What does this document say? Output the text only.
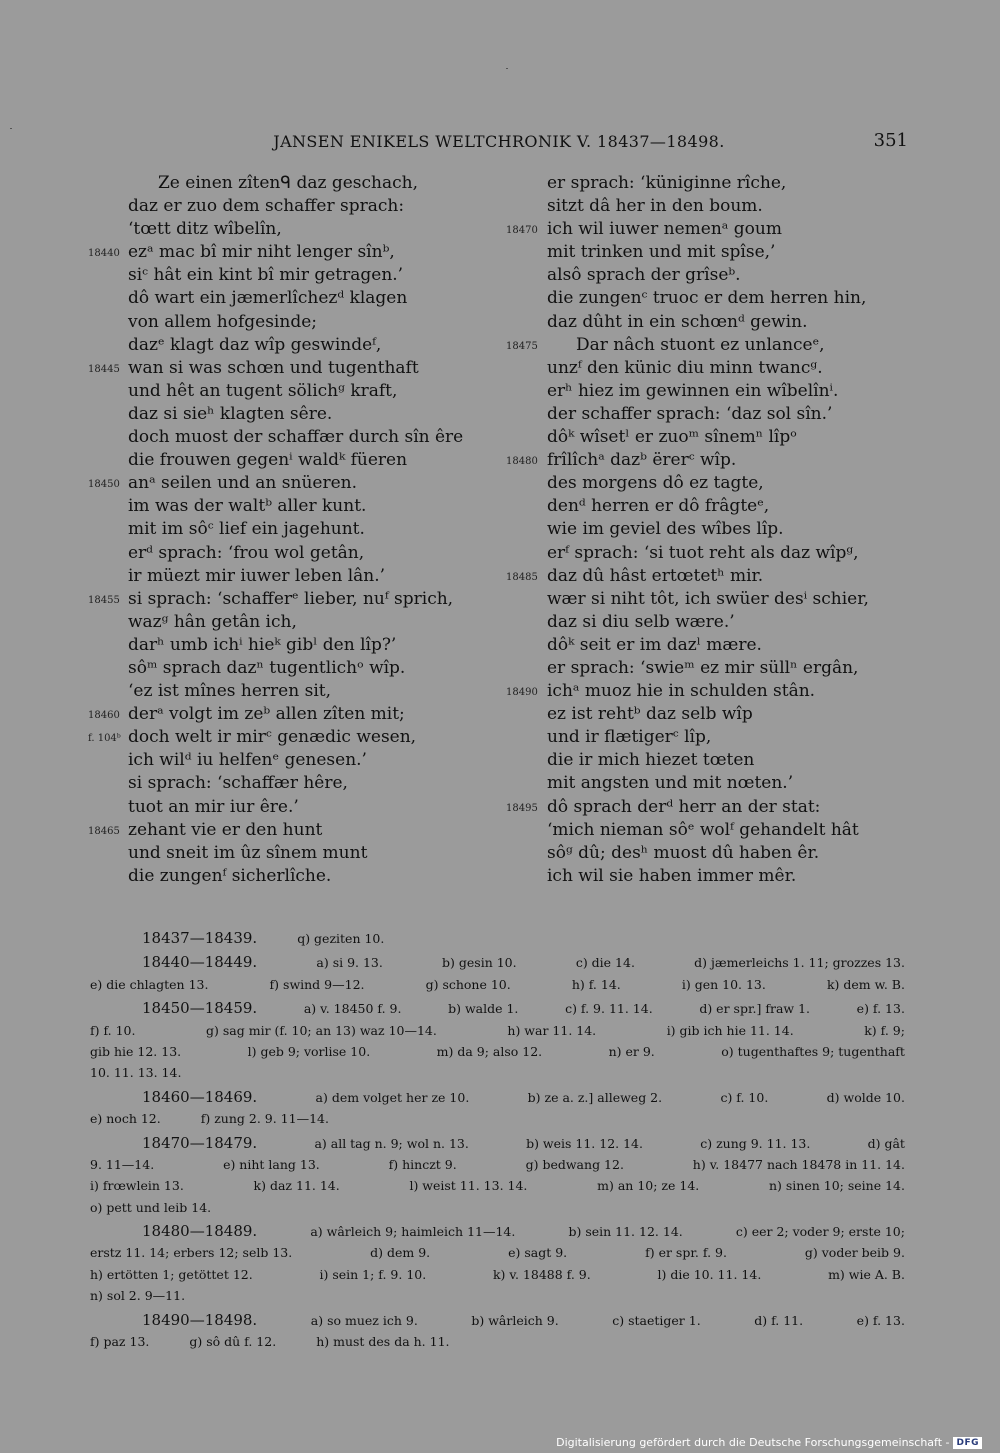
JANSEN ENIKELS WELTCHRONIK V. 18437—18498.	351
Ze einen zîtenᑫ daz geschach,
daz er zuo dem schaffer sprach:
‘tœtt ditz wîbelîn,
18440 ezᵃ mac bî mir niht lenger sînᵇ,
siᶜ hât ein kint bî mir getragen.’
dô wart ein jæmerlîchezᵈ klagen
von allem hofgesinde;
dazᵉ klagt daz wîp geswindeᶠ,
18445 wan si was schœn und tugenthaft
und hêt an tugent sölichᵍ kraft,
daz si sieʰ klagten sêre.
doch muost der schaffær durch sîn êre
die frouwen gegenⁱ waldᵏ füeren
18450 anᵃ seilen und an snüeren.
im was der waltᵇ aller kunt.
mit im sôᶜ lief ein jagehunt.
erᵈ sprach: ‘frou wol getân,
ir müezt mir iuwer leben lân.’
18455 si sprach: ‘schafferᵉ lieber, nuᶠ sprich,
wazᵍ hân getân ich,
darʰ umb ichⁱ hieᵏ gibˡ den lîp?’
sôᵐ sprach dazⁿ tugentlichᵒ wîp.
‘ez ist mînes herren sit,
18460 derᵃ volgt im zeᵇ allen zîten mit;
f. 104ᵇ doch welt ir mirᶜ genædic wesen,
ich wilᵈ iu helfenᵉ genesen.’
si sprach: ‘schaffær hêre,
tuot an mir iur êre.’
18465 zehant vie er den hunt
und sneit im ûz sînem munt
die zungenᶠ sicherlîche.
er sprach: ‘küniginne rîche,
sitzt dâ her in den boum.
18470 ich wil iuwer nemenᵃ goum
mit trinken und mit spîse,’
alsô sprach der grîseᵇ.
die zungenᶜ truoc er dem herren hin,
daz dûht in ein schœnᵈ gewin.
18475 Dar nâch stuont ez unlanceᵉ,
unzᶠ den künic diu minn twancᵍ.
erʰ hiez im gewinnen ein wîbelînⁱ.
der schaffer sprach: ‘daz sol sîn.’
dôᵏ wîsetˡ er zuoᵐ sînemⁿ lîpᵒ
18480 frîlîchᵃ dazᵇ ërerᶜ wîp.
des morgens dô ez tagte,
denᵈ herren er dô frâgteᵉ,
wie im geviel des wîbes lîp.
erᶠ sprach: ‘si tuot reht als daz wîpᵍ,
18485 daz dû hâst ertœtetʰ mir.
wær si niht tôt, ich swüer desⁱ schier,
daz si diu selb wære.’
dôᵏ seit er im dazˡ mære.
er sprach: ‘swieᵐ ez mir süllⁿ ergân,
18490 ichᵃ muoz hie in schulden stân.
ez ist rehtᵇ daz selb wîp
und ir flætigerᶜ lîp,
die ir mich hiezet tœten
mit angsten und mit nœten.’
18495 dô sprach derᵈ herr an der stat:
‘mich nieman sôᵉ wolᶠ gehandelt hât
sôᵍ dû; desʰ muost dû haben êr.
ich wil sie haben immer mêr.
18437—18439.	q) geziten 10.
18440—18449.	a) si 9. 13.	b) gesin 10.	c) die 14.	d) jæmerleichs 1. 11; grozzes 13.
e) die chlagten 13.	f) swind 9—12.	g) schone 10.	h) f. 14.	i) gen 10. 13.	k) dem w. B.
18450—18459.	a) v. 18450 f. 9.	b) walde 1.	c) f. 9. 11. 14.	d) er spr.] fraw 1.	e) f. 13.
f) f. 10.	g) sag mir (f. 10; an 13) waz 10—14.	h) war 11. 14.	i) gib ich hie 11. 14.	k) f. 9;
gib hie 12. 13.	l) geb 9; vorlise 10.	m) da 9; also 12.	n) er 9.	o) tugenthaftes 9; tugenthaft
10. 11. 13. 14.
18460—18469.	a) dem volget her ze 10.	b) ze a. z.] alleweg 2.	c) f. 10.	d) wolde 10.
e) noch 12.	f) zung 2. 9. 11—14.
18470—18479.	a) all tag n. 9; wol n. 13.	b) weis 11. 12. 14.	c) zung 9. 11. 13.	d) gât
9. 11—14.	e) niht lang 13.	f) hinczt 9.	g) bedwang 12.	h) v. 18477 nach 18478 in 11. 14.
i) frœwlein 13.	k) daz 11. 14.	l) weist 11. 13. 14.	m) an 10; ze 14.	n) sinen 10; seine 14.
o) pett und leib 14.
18480—18489.	a) wârleich 9; haimleich 11—14.	b) sein 11. 12. 14.	c) eer 2; voder 9; erste 10;
erstz 11. 14; erbers 12; selb 13.	d) dem 9.	e) sagt 9.	f) er spr. f. 9.	g) voder beib 9.
h) ertötten 1; getöttet 12.	i) sein 1; f. 9. 10.	k) v. 18488 f. 9.	l) die 10. 11. 14.	m) wie A. B.
n) sol 2. 9—11.
18490—18498.	a) so muez ich 9.	b) wârleich 9.	c) staetiger 1.	d) f. 11.	e) f. 13.
f) paz 13.	g) sô dû f. 12.	h) must des da h. 11.
Digitalisierung gefördert durch die Deutsche Forschungsgemeinschaft - DFG
